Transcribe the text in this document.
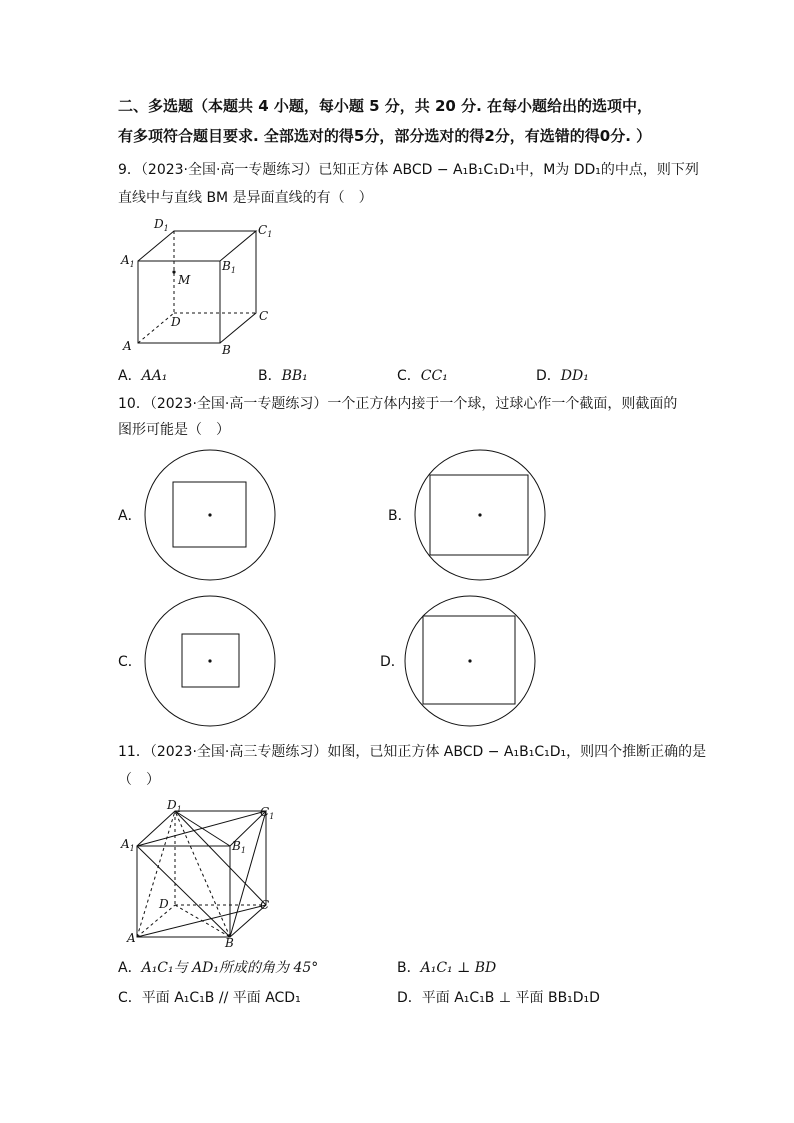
二、多选题（本题共 4 小题，每小题 5 分，共 20 分. 在每小题给出的选项中，
有多项符合题目要求. 全部选对的得5分，部分选对的得2分，有选错的得0分. ）
9．（2023·全国·高一专题练习）已知正方体 ABCD − A₁B₁C₁D₁中，M为 DD₁的中点，则下列
直线中与直线 BM 是异面直线的有（　）
$D_1$	$C_1$
$A_1$	$B_1$
M
D	C
A	B
A．AA₁	B．BB₁	C．CC₁	D．DD₁
10．（2023·全国·高一专题练习）一个正方体内接于一个球，过球心作一个截面，则截面的
图形可能是（　）
A．	B．
C．	D．
11．（2023·全国·高三专题练习）如图，已知正方体 ABCD − A₁B₁C₁D₁，则四个推断正确的是
（　）
$D_1$	$C_1$
$A_1$	$B_1$
D	C
A	B
A．A₁C₁与 AD₁所成的角为 45°	B．A₁C₁ ⊥ BD
C．平面 A₁C₁B // 平面 ACD₁	D．平面 A₁C₁B ⊥ 平面 BB₁D₁D
